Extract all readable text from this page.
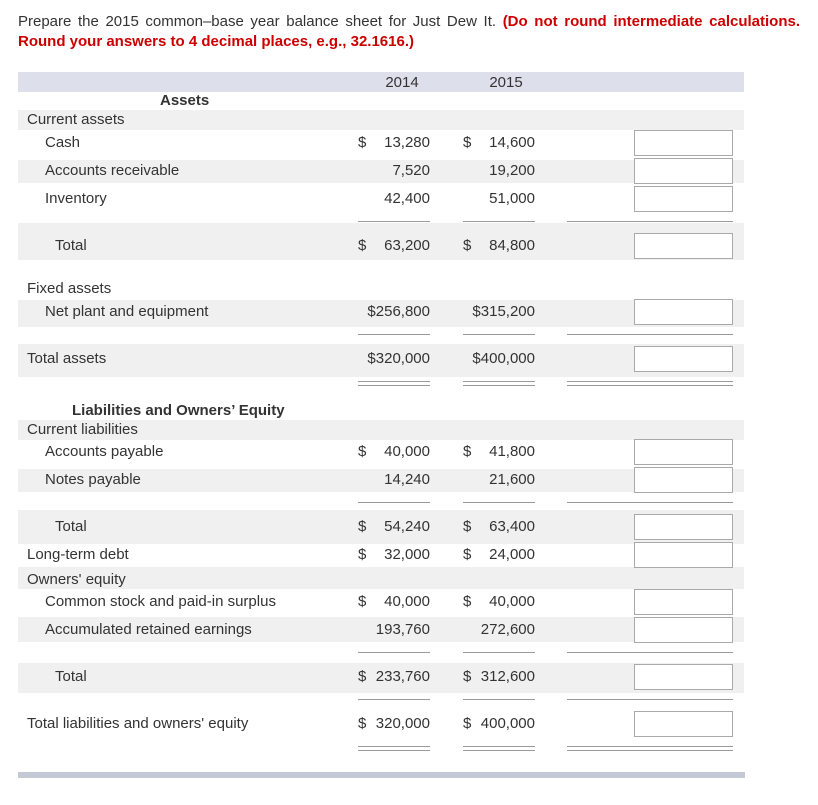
Prepare the 2015 common–base year balance sheet for Just Dew It. (Do not round intermediate calculations. Round your answers to 4 decimal places, e.g., 32.1616.)
2014	2015
Assets
Current assets
Cash	$ 13,280 $ 14,600
Accounts receivable	7,520	19,200
Inventory	42,400	51,000
Total	$ 63,200 $ 84,800
Fixed assets
Net plant and equipment	$256,800	$315,200
Total assets	$320,000	$400,000
Liabilities and Owners’ Equity
Current liabilities
Accounts payable	$ 40,000 $ 41,800
Notes payable	14,240	21,600
Total	$ 54,240 $ 63,400
Long-term debt	$ 32,000 $ 24,000
Owners' equity
Common stock and paid-in surplus	$ 40,000 $ 40,000
Accumulated retained earnings	193,760	272,600
Total	$ 233,760 $ 312,600
Total liabilities and owners' equity	$ 320,000 $ 400,000
